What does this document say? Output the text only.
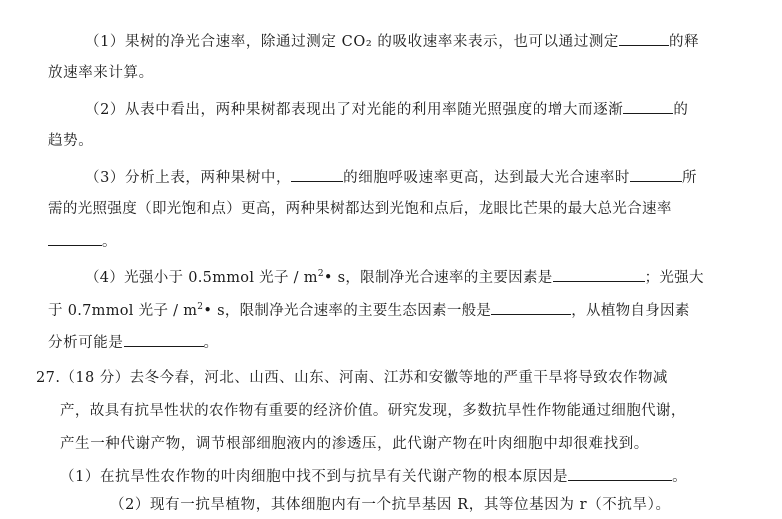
（1）果树的净光合速率，除通过测定 CO₂ 的吸收速率来表示，也可以通过测定	的释
放速率来计算。
（2）从表中看出，两种果树都表现出了对光能的利用率随光照强度的增大而逐渐	的
趋势。
（3）分析上表，两种果树中，	的细胞呼吸速率更高，达到最大光合速率时	所
需的光照强度（即光饱和点）更高，两种果树都达到光饱和点后，龙眼比芒果的最大总光合速率
。
（4）光强小于 0.5mmol 光子 / $m^2•$ s，限制净光合速率的主要因素是	；光强大
于 0.7mmol 光子 / $m^2•$ s，限制净光合速率的主要生态因素一般是	，从植物自身因素
分析可能是	。
27.（18 分）去冬今春，河北、山西、山东、河南、江苏和安徽等地的严重干旱将导致农作物减
产，故具有抗旱性状的农作物有重要的经济价值。研究发现，多数抗旱性作物能通过细胞代谢，
产生一种代谢产物，调节根部细胞液内的渗透压，此代谢产物在叶肉细胞中却很难找到。
（1）在抗旱性农作物的叶肉细胞中找不到与抗旱有关代谢产物的根本原因是	。
（2）现有一抗旱植物，其体细胞内有一个抗旱基因 R，其等位基因为 r（不抗旱）。
